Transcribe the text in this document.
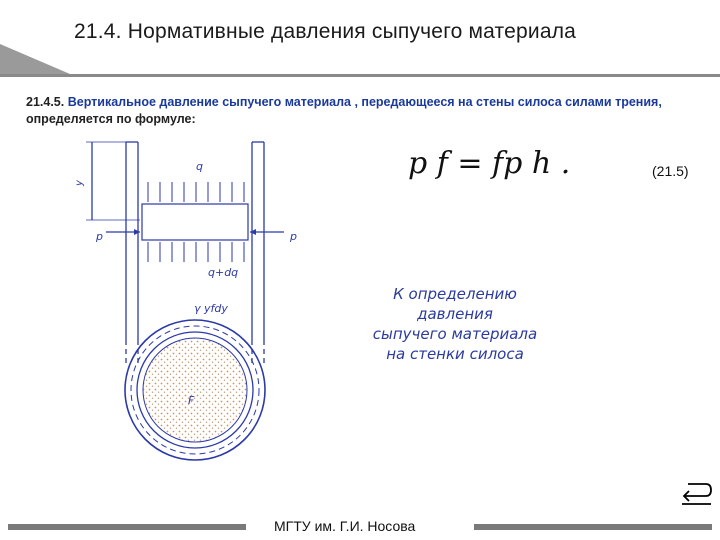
21.4. Нормативные давления сыпучего материала
21.4.5. Вертикальное давление сыпучего материала , передающееся на стены силоса силами трения, определяется по формуле:
p f = fp h .	(21.5)
q
y
p	p
q+dq
γ yfdy
F
К определению давления
сыпучего материала
на стенки силоса
МГТУ им. Г.И. Носова
